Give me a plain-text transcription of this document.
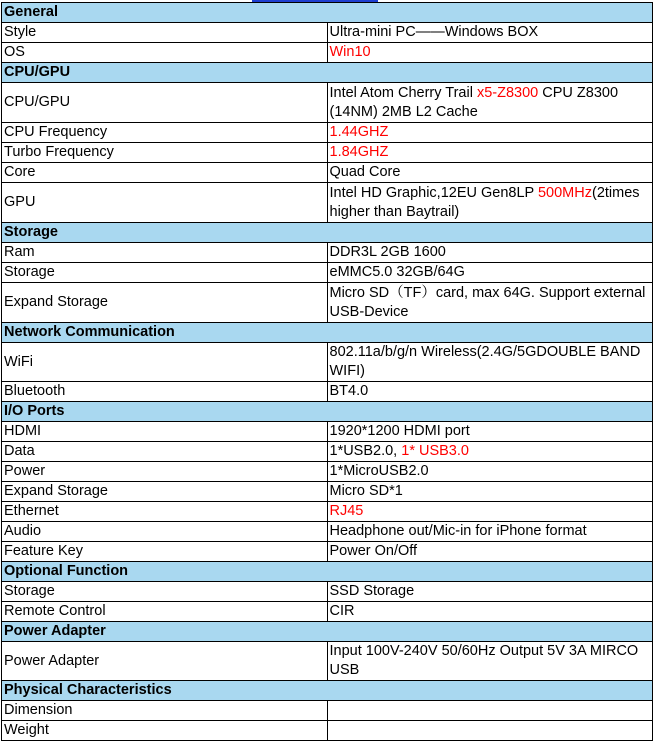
General	
Style	Ultra-mini PC——Windows BOX
OS	Win10
CPU/GPU	
CPU/GPU	Intel Atom Cherry Trail x5-Z8300 CPU Z8300 (14NM) 2MB L2 Cache
CPU Frequency	1.44GHZ
Turbo Frequency	1.84GHZ
Core	Quad Core
GPU	Intel HD Graphic,12EU Gen8LP 500MHz(2times higher than Baytrail)
Storage	
Ram	DDR3L 2GB 1600
Storage	eMMC5.0 32GB/64G
Expand Storage	Micro SD（TF）card, max 64G. Support external USB-Device
Network Communication	
WiFi	802.11a/b/g/n Wireless(2.4G/5GDOUBLE BAND WIFI)
Bluetooth	BT4.0
I/O Ports	
HDMI	1920*1200 HDMI port
Data	1*USB2.0, 1* USB3.0
Power	1*MicroUSB2.0
Expand Storage	Micro SD*1
Ethernet	RJ45
Audio	Headphone out/Mic-in for iPhone format
Feature Key	Power On/Off
Optional Function	
Storage	SSD Storage
Remote Control	CIR
Power Adapter	
Power Adapter	Input 100V-240V 50/60Hz Output 5V 3A MIRCO USB
Physical Characteristics	
Dimension	
Weight	
